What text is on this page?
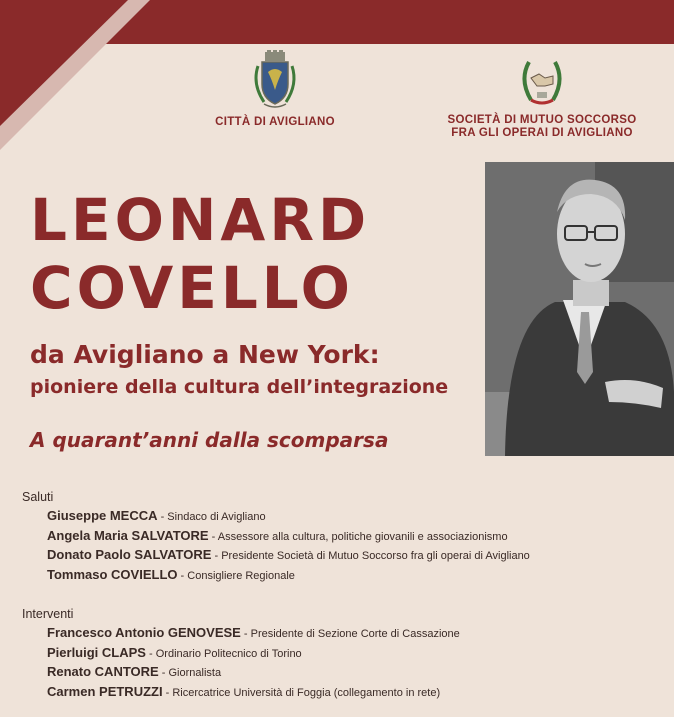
CITTÀ DI AVIGLIANO	SOCIETÀ DI MUTUO SOCCORSO
FRA GLI OPERAI DI AVIGLIANO
LEONARD
COVELLO
da Avigliano a New York:
pioniere della cultura dell’integrazione
A quarant’anni dalla scomparsa
Saluti
Giuseppe MECCA - Sindaco di Avigliano
Angela Maria SALVATORE - Assessore alla cultura, politiche giovanili e associazionismo
Donato Paolo SALVATORE - Presidente Società di Mutuo Soccorso fra gli operai di Avigliano
Tommaso COVIELLO - Consigliere Regionale
Interventi
Francesco Antonio GENOVESE - Presidente di Sezione Corte di Cassazione
Pierluigi CLAPS - Ordinario Politecnico di Torino
Renato CANTORE - Giornalista
Carmen PETRUZZI - Ricercatrice Università di Foggia (collegamento in rete)
